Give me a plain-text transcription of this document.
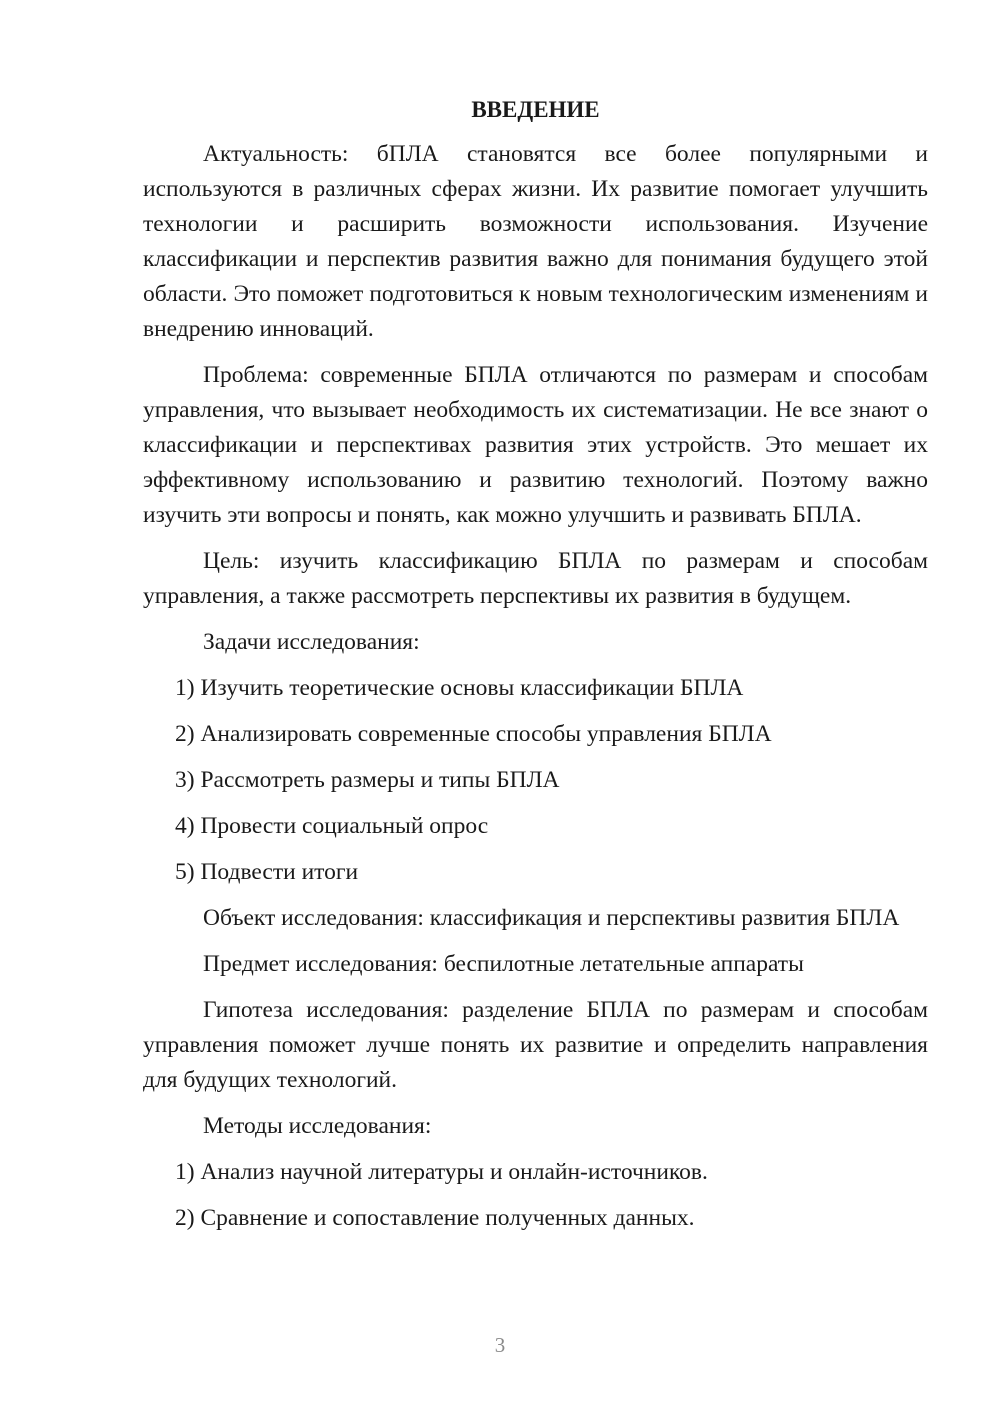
ВВЕДЕНИЕ

Актуальность: бПЛА становятся все более популярными и используются в различных сферах жизни. Их развитие помогает улучшить технологии и расширить возможности использования. Изучение классификации и перспектив развития важно для понимания будущего этой области. Это поможет подготовиться к новым технологическим изменениям и внедрению инноваций.

Проблема: современные БПЛА отличаются по размерам и способам управления, что вызывает необходимость их систематизации. Не все знают о классификации и перспективах развития этих устройств. Это мешает их эффективному использованию и развитию технологий. Поэтому важно изучить эти вопросы и понять, как можно улучшить и развивать БПЛА.

Цель: изучить классификацию БПЛА по размерам и способам управления, а также рассмотреть перспективы их развития в будущем.

Задачи исследования:

1) Изучить теоретические основы классификации БПЛА

2) Анализировать современные способы управления БПЛА

3) Рассмотреть размеры и типы БПЛА

4) Провести социальный опрос

5) Подвести итоги

Объект исследования: классификация и перспективы развития БПЛА

Предмет исследования: беспилотные летательные аппараты

Гипотеза исследования: разделение БПЛА по размерам и способам управления поможет лучше понять их развитие и определить направления для будущих технологий.

Методы исследования:

1) Анализ научной литературы и онлайн-источников.

2) Сравнение и сопоставление полученных данных.

3
